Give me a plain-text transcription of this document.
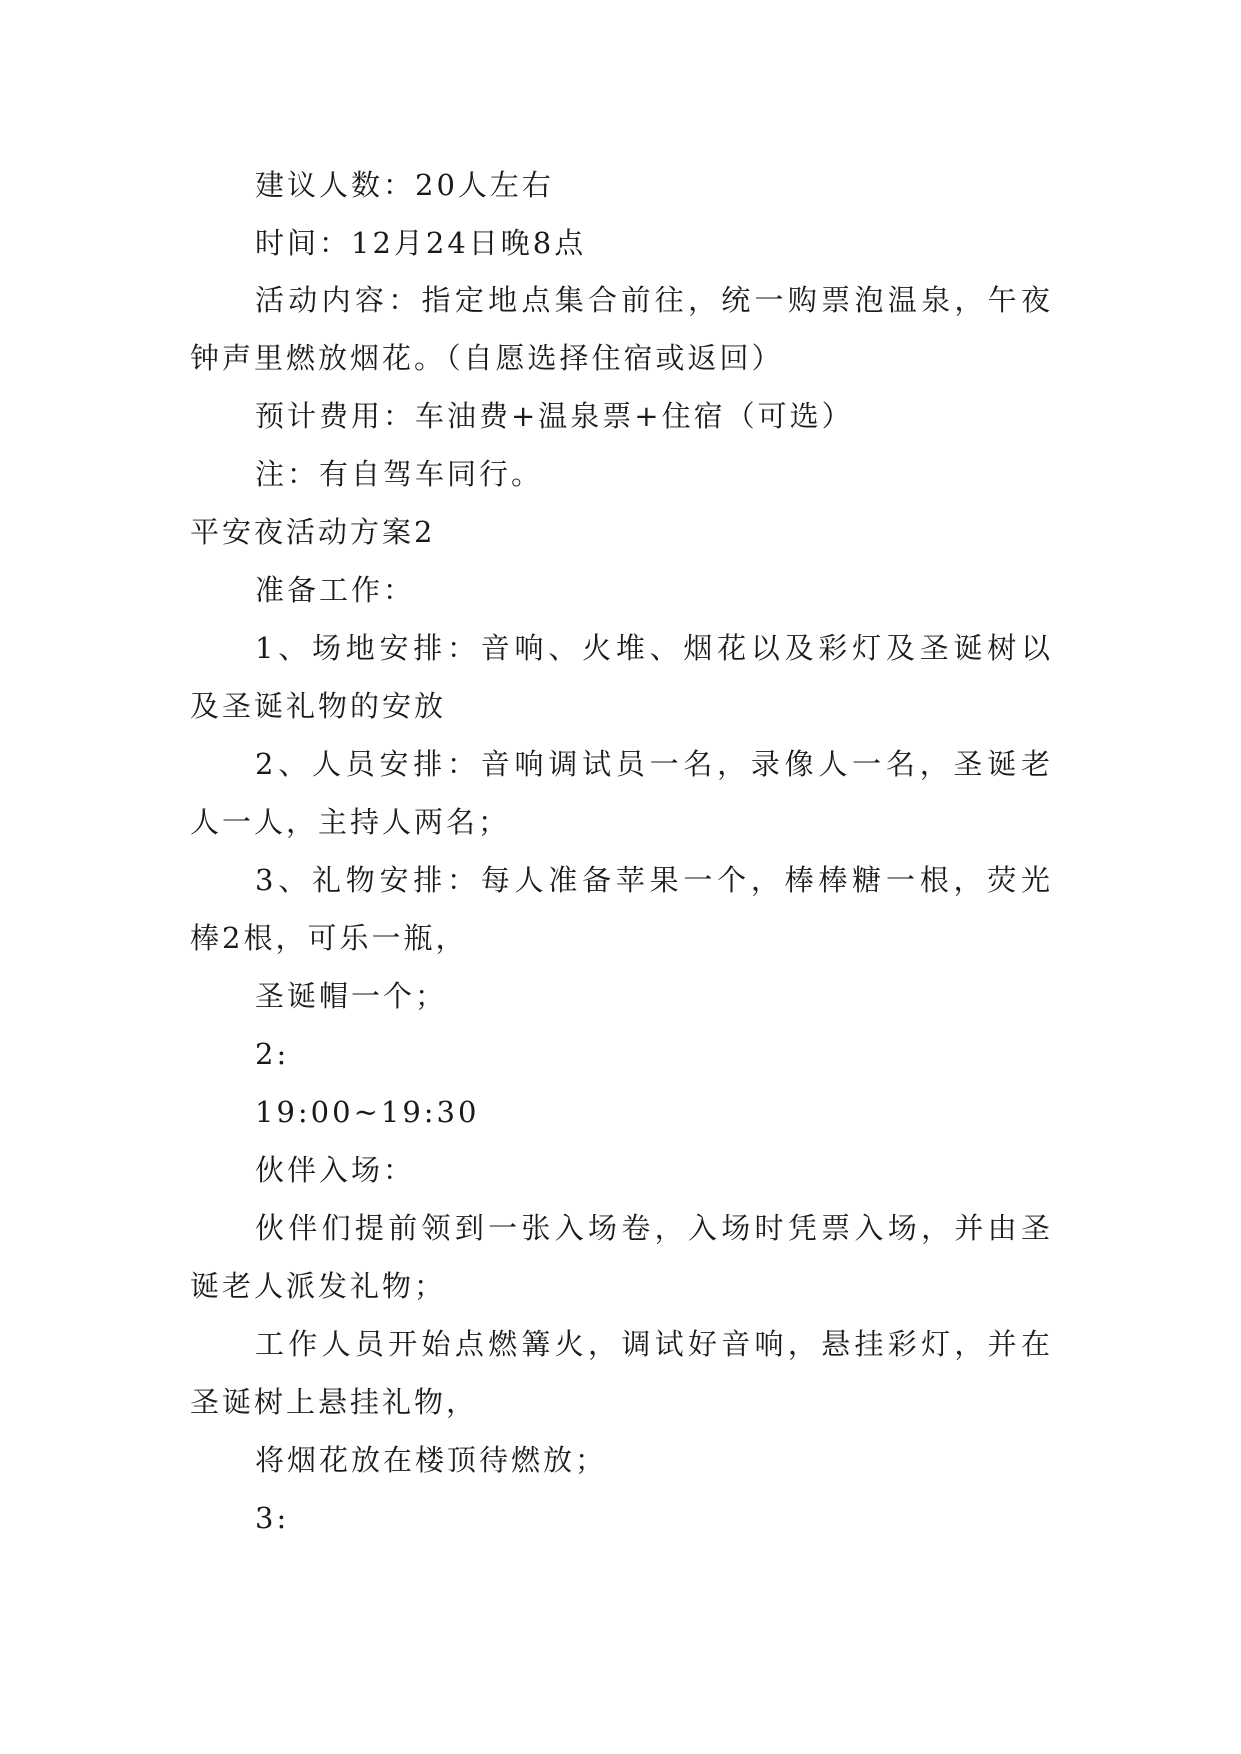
建议人数：20人左右
时间：12月24日晚8点
活动内容：指定地点集合前往，统一购票泡温泉，午夜
钟声里燃放烟花。（自愿选择住宿或返回）
预计费用：车油费+温泉票+住宿（可选）
注：有自驾车同行。
平安夜活动方案2
准备工作：
1、场地安排：音响、火堆、烟花以及彩灯及圣诞树以
及圣诞礼物的安放
2、人员安排：音响调试员一名，录像人一名，圣诞老
人一人，主持人两名；
3、礼物安排：每人准备苹果一个，棒棒糖一根，荧光
棒2根，可乐一瓶，
圣诞帽一个；
2:
19:00~19:30
伙伴入场：
伙伴们提前领到一张入场卷，入场时凭票入场，并由圣
诞老人派发礼物；
工作人员开始点燃篝火，调试好音响，悬挂彩灯，并在
圣诞树上悬挂礼物，
将烟花放在楼顶待燃放；
3:
